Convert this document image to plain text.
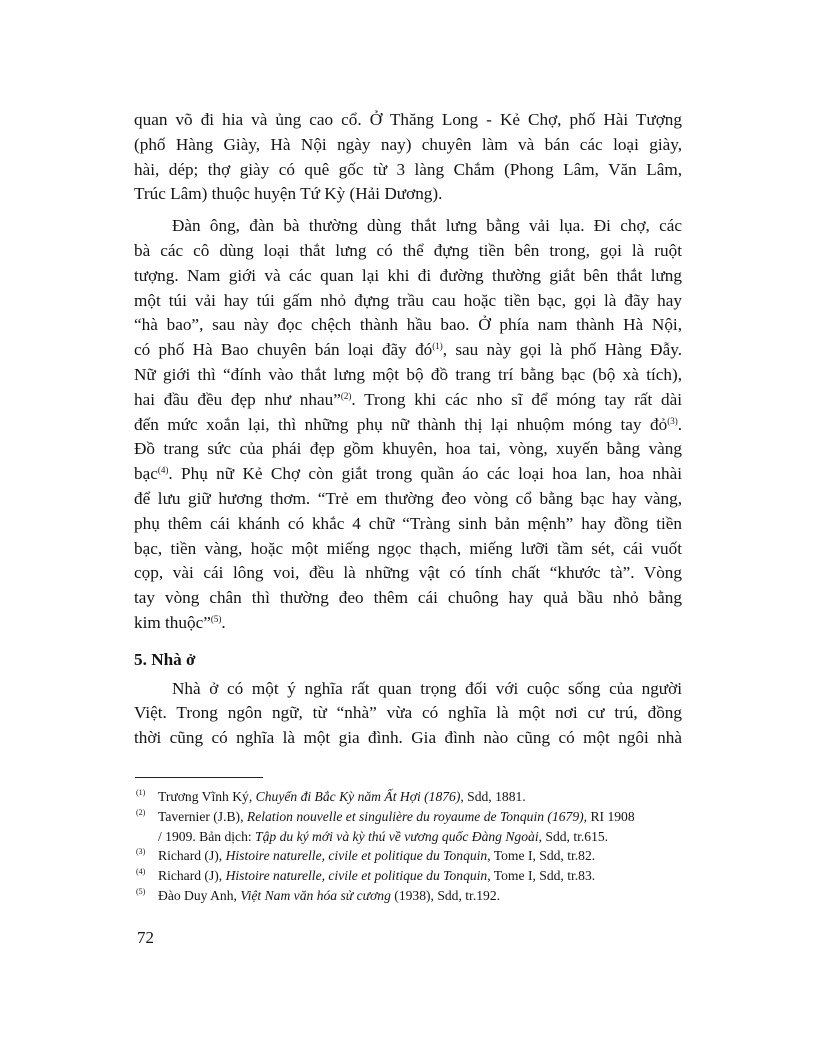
quan võ đi hia và ủng cao cổ. Ở Thăng Long - Kẻ Chợ, phố Hài Tượng
(phố Hàng Giày, Hà Nội ngày nay) chuyên làm và bán các loại giày,
hài, dép; thợ giày có quê gốc từ 3 làng Chắm (Phong Lâm, Văn Lâm,
Trúc Lâm) thuộc huyện Tứ Kỳ (Hải Dương).

Đàn ông, đàn bà thường dùng thắt lưng bằng vải lụa. Đi chợ, các
bà các cô dùng loại thắt lưng có thể đựng tiền bên trong, gọi là ruột
tượng. Nam giới và các quan lại khi đi đường thường giắt bên thắt lưng
một túi vải hay túi gấm nhỏ đựng trầu cau hoặc tiền bạc, gọi là đãy hay
“hà bao”, sau này đọc chệch thành hầu bao. Ở phía nam thành Hà Nội,
có phố Hà Bao chuyên bán loại đãy $đó^{(1)}$, sau này gọi là phố Hàng Đẫy.
Nữ giới thì “đính vào thắt lưng một bộ đồ trang trí bằng bạc (bộ xà tích),
hai đầu đều đẹp như nhau”$^{(2)}$. Trong khi các nho sĩ để móng tay rất dài
đến mức xoắn lại, thì những phụ nữ thành thị lại nhuộm móng tay đỏ$^{(3)}$.
Đồ trang sức của phái đẹp gồm khuyên, hoa tai, vòng, xuyến bằng vàng
bạc$^{(4)}$. Phụ nữ Kẻ Chợ còn giắt trong quần áo các loại hoa lan, hoa nhài
để lưu giữ hương thơm. “Trẻ em thường đeo vòng cổ bằng bạc hay vàng,
phụ thêm cái khánh có khắc 4 chữ “Tràng sinh bản mệnh” hay đồng tiền
bạc, tiền vàng, hoặc một miếng ngọc thạch, miếng lưỡi tầm sét, cái vuốt
cọp, vài cái lông voi, đều là những vật có tính chất “khước tà”. Vòng
tay vòng chân thì thường đeo thêm cái chuông hay quả bầu nhỏ bằng
kim thuộc”$^{(5)}$.

5. Nhà ở

Nhà ở có một ý nghĩa rất quan trọng đối với cuộc sống của người
Việt. Trong ngôn ngữ, từ “nhà” vừa có nghĩa là một nơi cư trú, đồng
thời cũng có nghĩa là một gia đình. Gia đình nào cũng có một ngôi nhà

(1) Trương Vĩnh Ký, Chuyến đi Bắc Kỳ năm Ất Hợi (1876), Sdd, 1881.
(2) Tavernier (J.B), Relation nouvelle et singulière du royaume de Tonquin (1679), RI 1908
/ 1909. Bản dịch: Tập du ký mới và kỳ thú về vương quốc Đàng Ngoài, Sdd, tr.615.
(3) Richard (J), Histoire naturelle, civile et politique du Tonquin, Tome I, Sdd, tr.82.
(4) Richard (J), Histoire naturelle, civile et politique du Tonquin, Tome I, Sdd, tr.83.
(5) Đào Duy Anh, Việt Nam văn hóa sử cương (1938), Sdd, tr.192.
72
